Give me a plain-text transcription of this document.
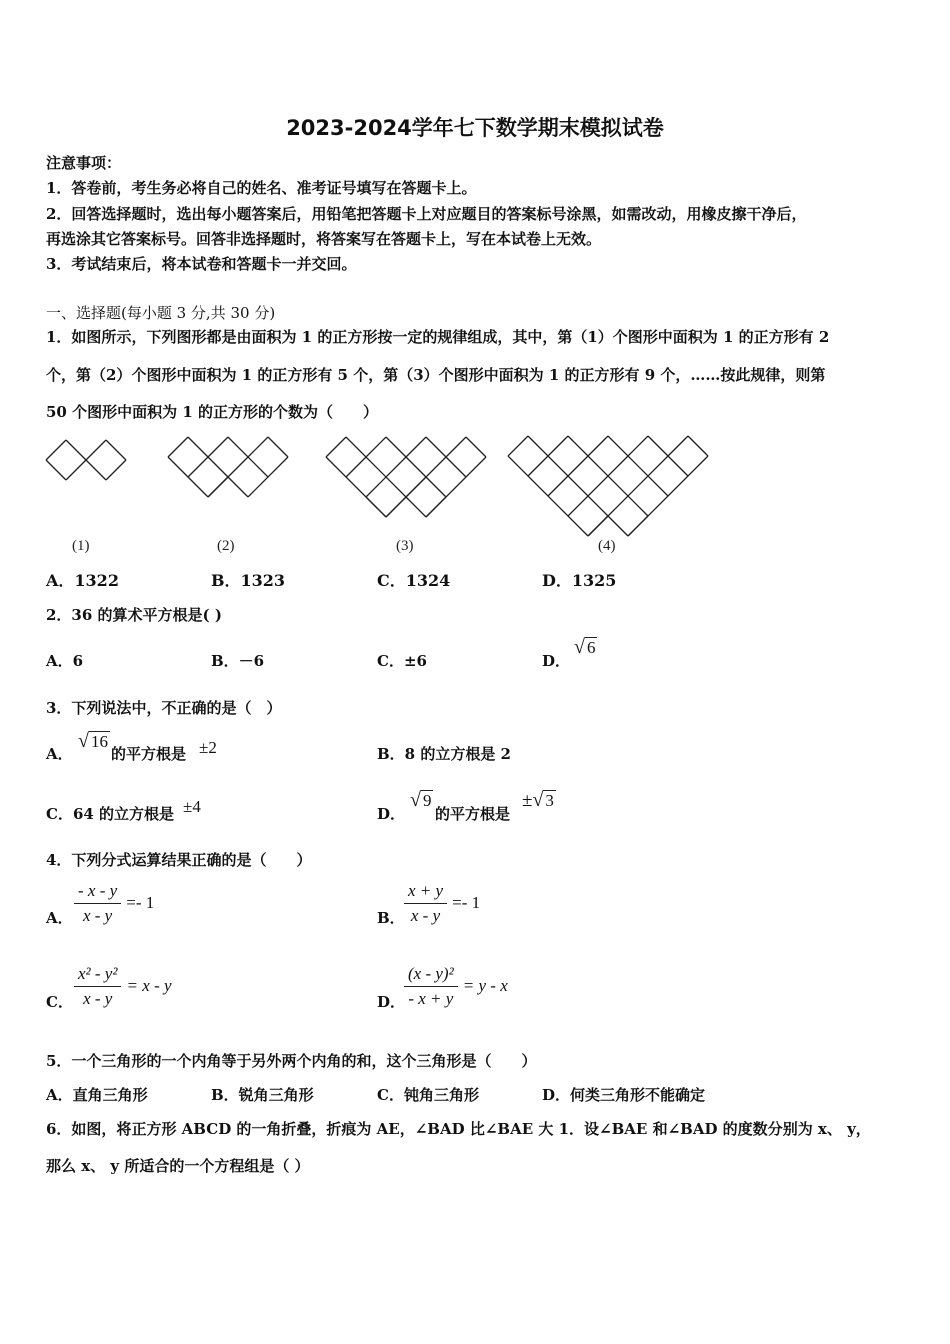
2023-2024学年七下数学期末模拟试卷
注意事项：
1．答卷前，考生务必将自己的姓名、准考证号填写在答题卡上。
2．回答选择题时，选出每小题答案后，用铅笔把答题卡上对应题目的答案标号涂黑，如需改动，用橡皮擦干净后，
再选涂其它答案标号。回答非选择题时，将答案写在答题卡上，写在本试卷上无效。
3．考试结束后，将本试卷和答题卡一并交回。
一、选择题(每小题 3 分,共 30 分)
1．如图所示，下列图形都是由面积为 1 的正方形按一定的规律组成，其中，第（1）个图形中面积为 1 的正方形有 2
个，第（2）个图形中面积为 1 的正方形有 5 个，第（3）个图形中面积为 1 的正方形有 9 个，……按此规律，则第
50 个图形中面积为 1 的正方形的个数为（　　）
(1)	(2)	(3)	(4)
A．1322	B．1323	C．1324	D．1325
2．36 的算术平方根是( )
A．6	B．－6	C．±6	D．
√ 6
3．下列说法中，不正确的是（　）
A．
√ 16
的平方根是 ±2	B．8 的立方根是 2
C．64 的立方根是 ±4	D．
√ 9
的平方根是
±√ 3
4．下列分式运算结果正确的是（　　）
A． $\frac{- x - y}{x - y} =- 1$
B． $\frac{x + y}{x - y} =- 1$
C． $\frac{\text{x² - y²}}{x - y} = x - y$
D．
$\frac{\text{(x - y)²}}{- x + y} = y - x$
5．一个三角形的一个内角等于另外两个内角的和，这个三角形是（　　）
A．直角三角形	B．锐角三角形	C．钝角三角形	D．何类三角形不能确定
6．如图，将正方形 ABCD 的一角折叠，折痕为 AE，∠BAD 比∠BAE 大 1．设∠BAE 和∠BAD 的度数分别为 x、 y，
那么 x、 y 所适合的一个方程组是（ ）
